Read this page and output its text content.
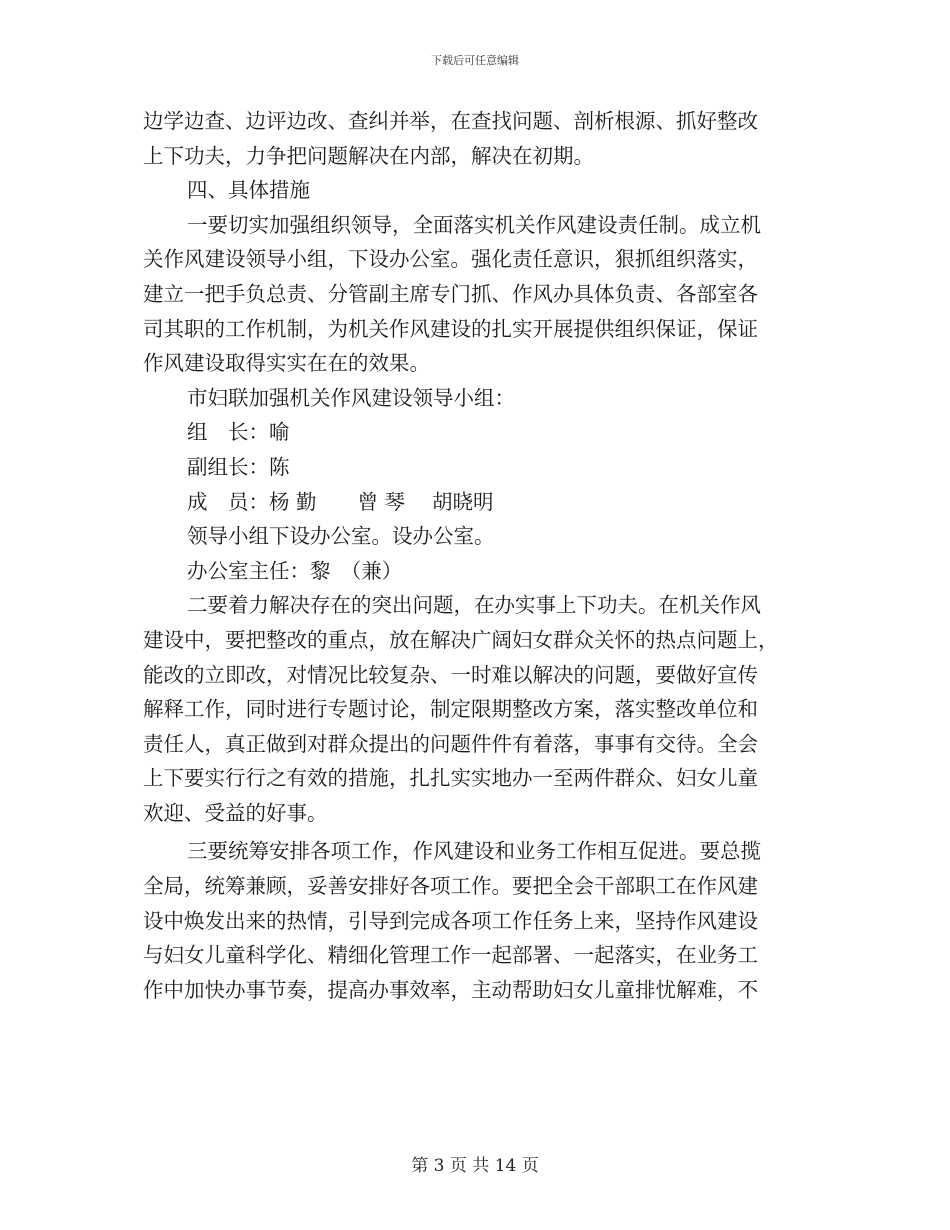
下载后可任意编辑
边学边查、边评边改、查纠并举，在查找问题、剖析根源、抓好整改
上下功夫，力争把问题解决在内部，解决在初期。
四、具体措施
一要切实加强组织领导，全面落实机关作风建设责任制。成立机
关作风建设领导小组，下设办公室。强化责任意识，狠抓组织落实，
建立一把手负总责、分管副主席专门抓、作风办具体负责、各部室各
司其职的工作机制，为机关作风建设的扎实开展提供组织保证，保证
作风建设取得实实在在的效果。
市妇联加强机关作风建设领导小组：
组　长：喻
副组长：陈
成　员：杨 勤　　曾 琴　 胡晓明
领导小组下设办公室。设办公室。
办公室主任：黎　（兼）
二要着力解决存在的突出问题，在办实事上下功夫。在机关作风
建设中，要把整改的重点，放在解决广阔妇女群众关怀的热点问题上，
能改的立即改，对情况比较复杂、一时难以解决的问题，要做好宣传
解释工作，同时进行专题讨论，制定限期整改方案，落实整改单位和
责任人，真正做到对群众提出的问题件件有着落，事事有交待。全会
上下要实行行之有效的措施，扎扎实实地办一至两件群众、妇女儿童
欢迎、受益的好事。
三要统筹安排各项工作，作风建设和业务工作相互促进。要总揽
全局，统筹兼顾，妥善安排好各项工作。要把全会干部职工在作风建
设中焕发出来的热情，引导到完成各项工作任务上来，坚持作风建设
与妇女儿童科学化、精细化管理工作一起部署、一起落实，在业务工
作中加快办事节奏，提高办事效率，主动帮助妇女儿童排忧解难，不
第 3 页 共 14 页
